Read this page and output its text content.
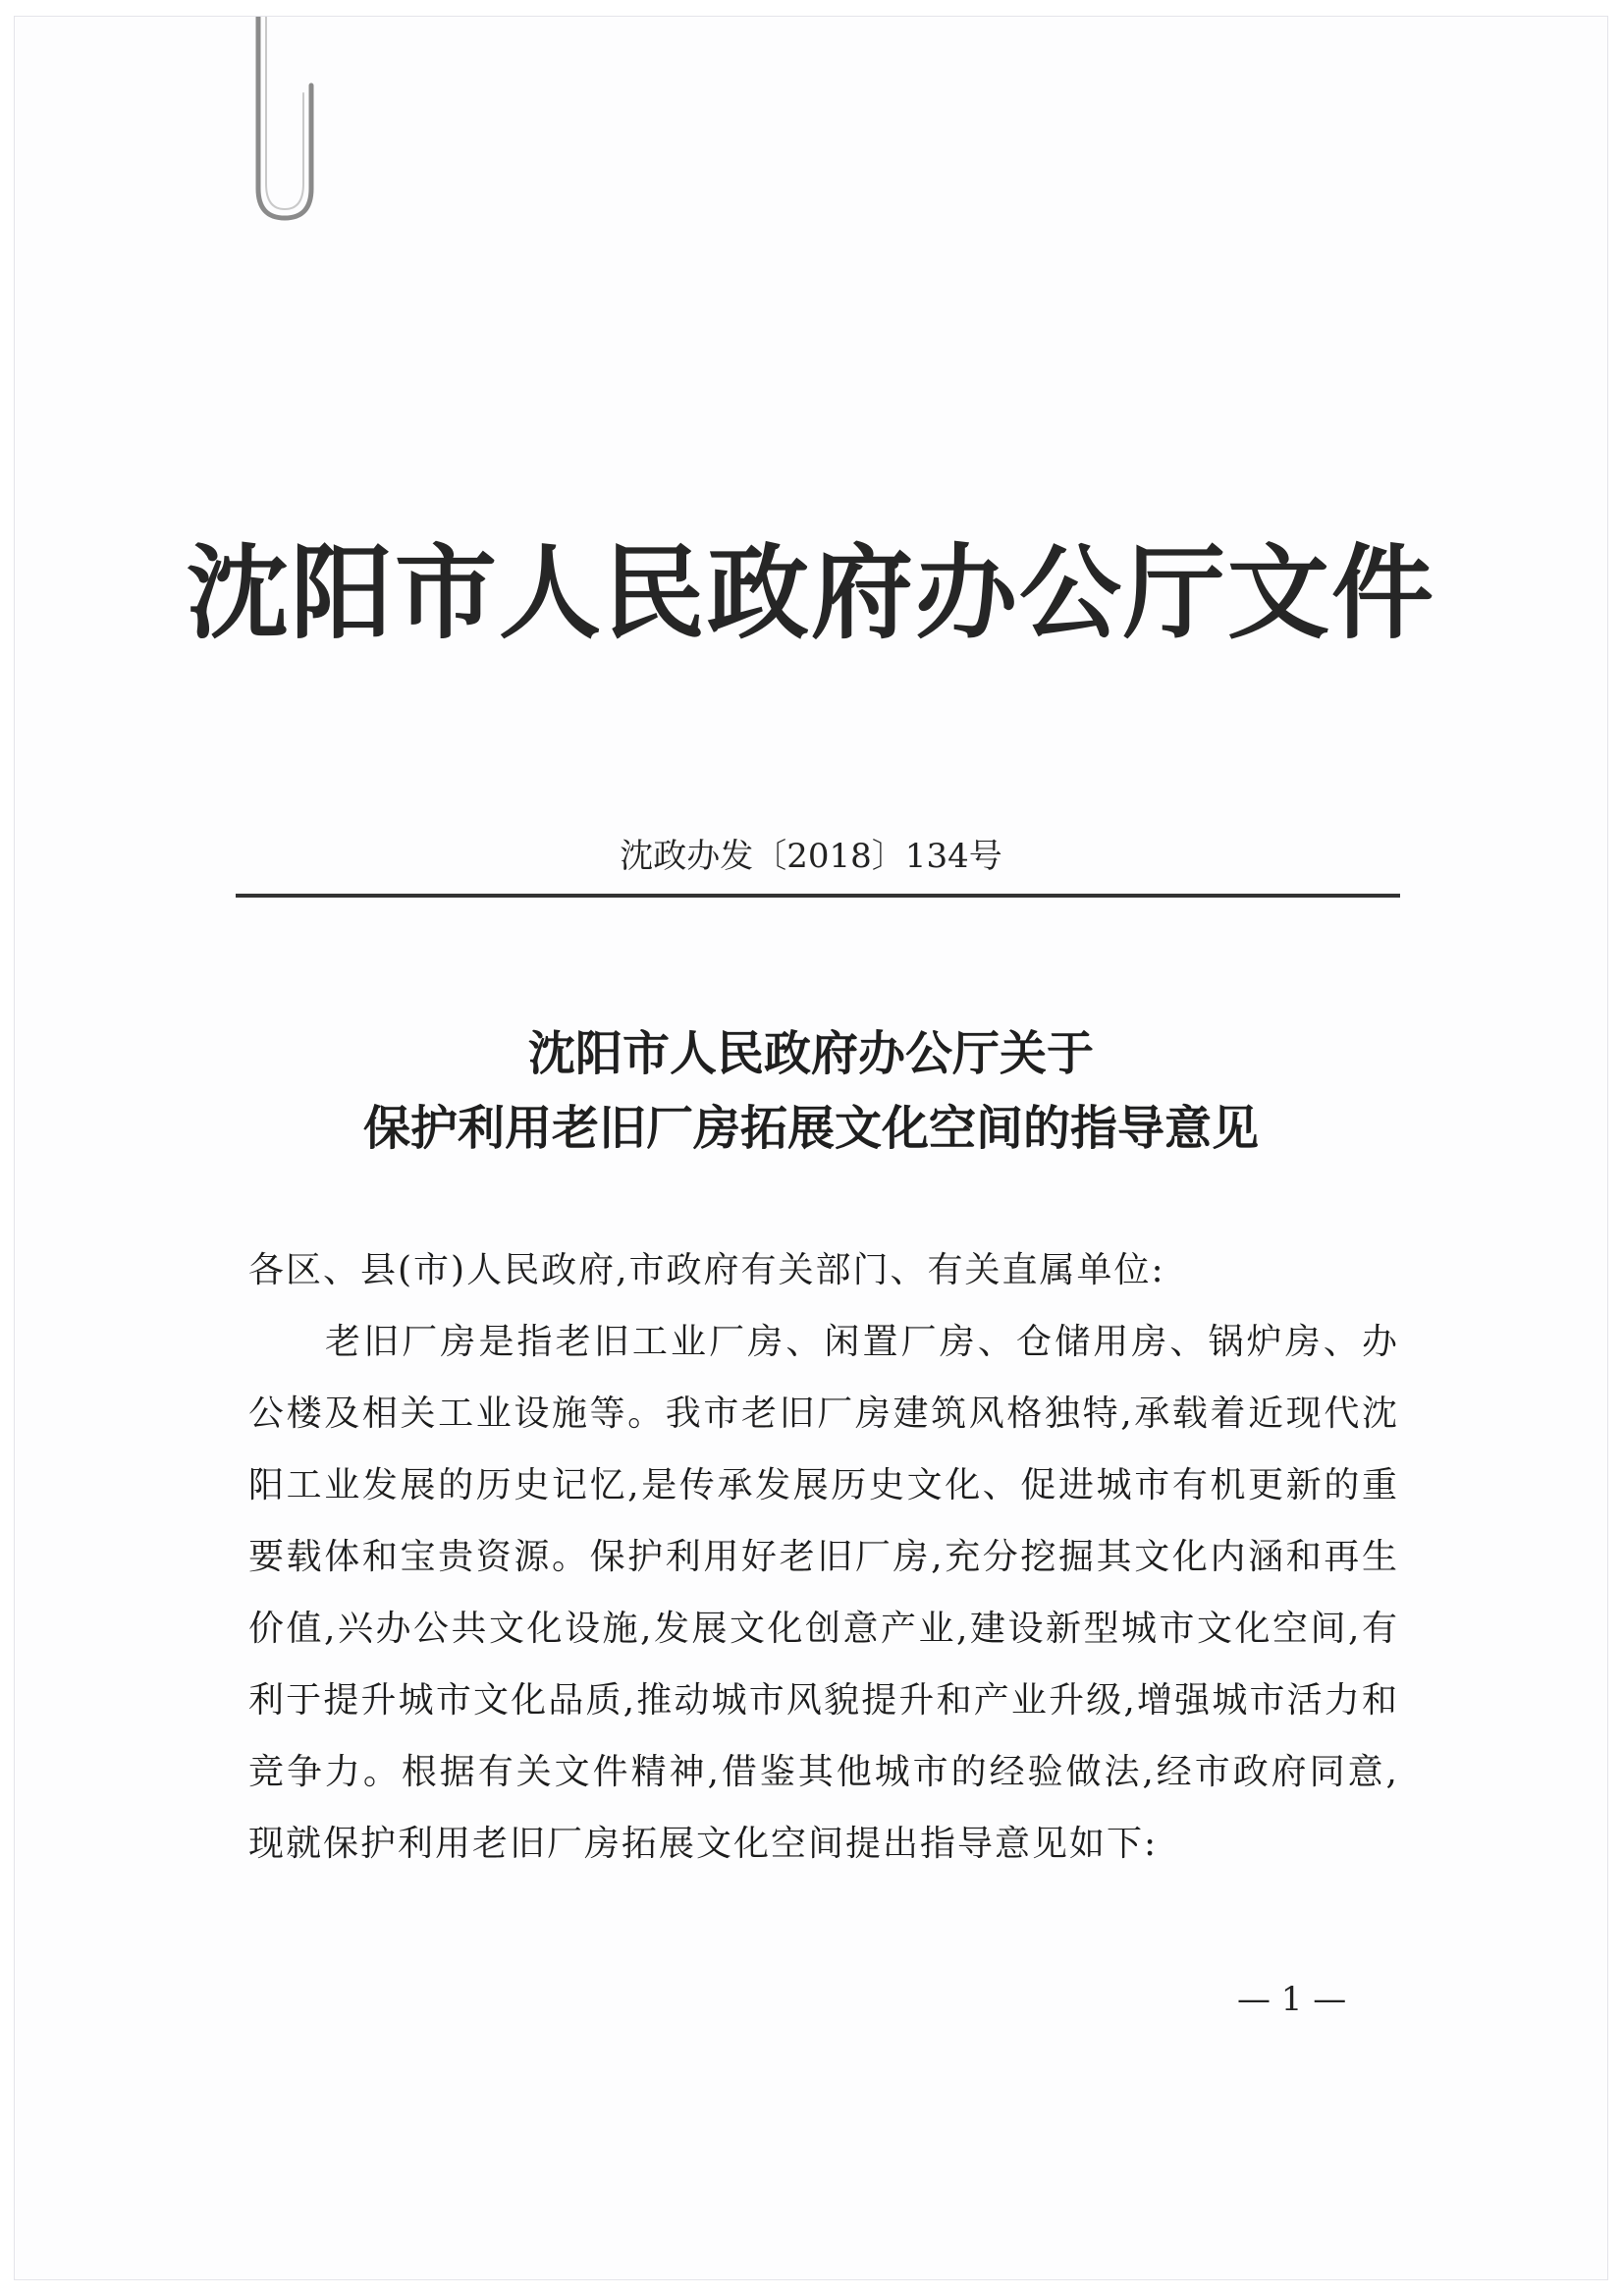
沈阳市人民政府办公厅文件
沈政办发〔2018〕134号
沈阳市人民政府办公厅关于
保护利用老旧厂房拓展文化空间的指导意见

各区、县(市)人民政府,市政府有关部门、有关直属单位:

老旧厂房是指老旧工业厂房、闲置厂房、仓储用房、锅炉房、办公楼及相关工业设施等。我市老旧厂房建筑风格独特,承载着近现代沈阳工业发展的历史记忆,是传承发展历史文化、促进城市有机更新的重要载体和宝贵资源。保护利用好老旧厂房,充分挖掘其文化内涵和再生价值,兴办公共文化设施,发展文化创意产业,建设新型城市文化空间,有利于提升城市文化品质,推动城市风貌提升和产业升级,增强城市活力和竞争力。根据有关文件精神,借鉴其他城市的经验做法,经市政府同意,现就保护利用老旧厂房拓展文化空间提出指导意见如下:

— 1 —
